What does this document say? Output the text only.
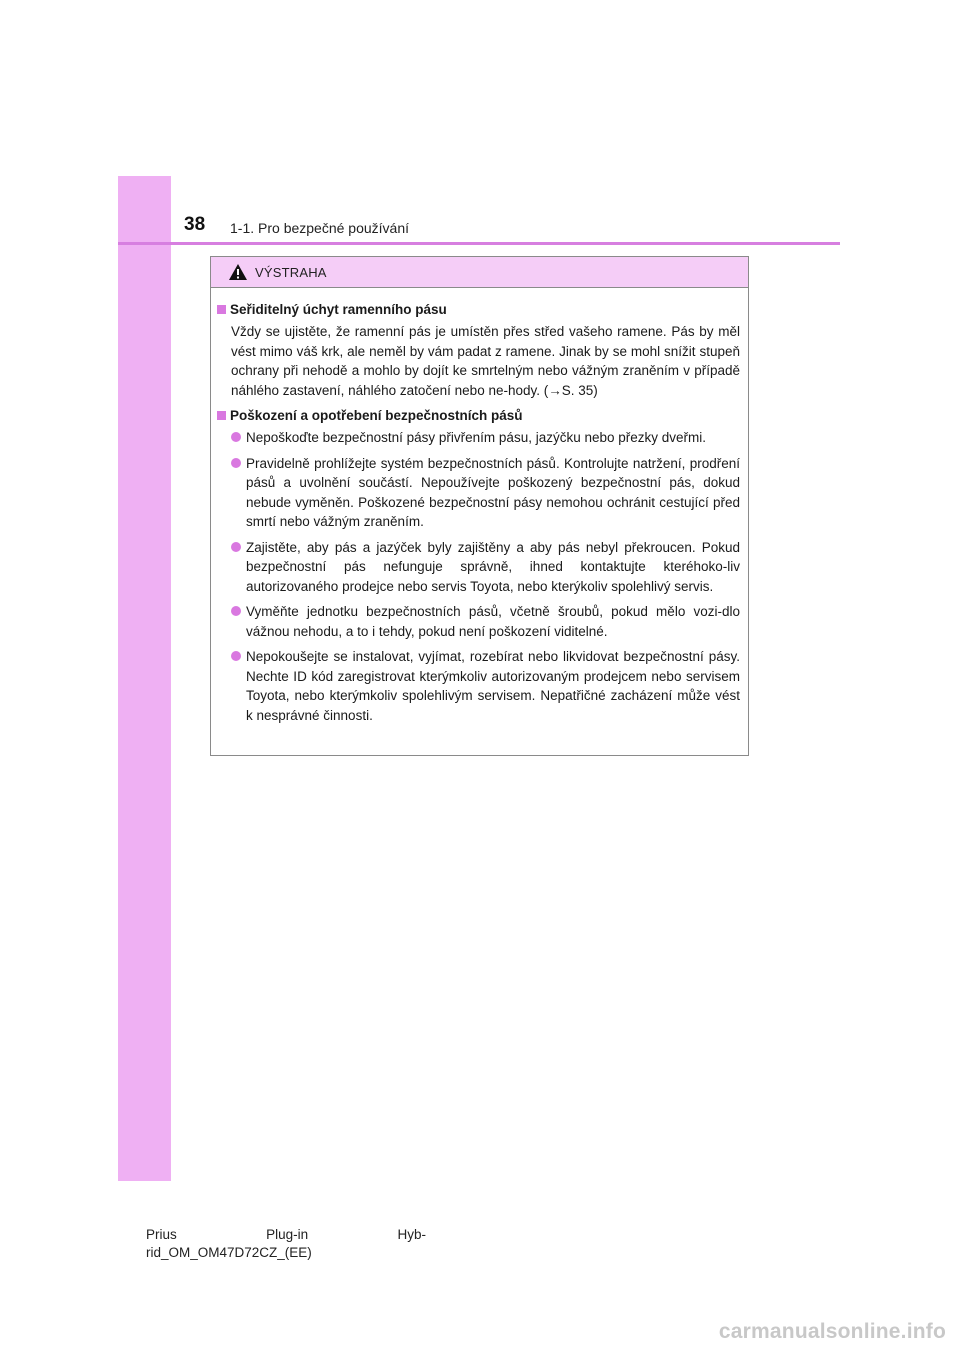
38 1-1. Pro bezpečné používání
VÝSTRAHA
Seřiditelný úchyt ramenního pásu
Vždy se ujistěte, že ramenní pás je umístěn přes střed vašeho ramene. Pás by měl vést mimo váš krk, ale neměl by vám padat z ramene. Jinak by se mohl snížit stupeň ochrany při nehodě a mohlo by dojít ke smrtelným nebo vážným zraněním v případě náhlého zastavení, náhlého zatočení nebo ne-hody. (→S. 35)
Poškození a opotřebení bezpečnostních pásů
Nepoškoďte bezpečnostní pásy přivřením pásu, jazýčku nebo přezky dveřmi.
Pravidelně prohlížejte systém bezpečnostních pásů. Kontrolujte natržení, prodření pásů a uvolnění součástí. Nepoužívejte poškozený bezpečnostní pás, dokud nebude vyměněn. Poškozené bezpečnostní pásy nemohou ochránit cestující před smrtí nebo vážným zraněním.
Zajistěte, aby pás a jazýček byly zajištěny a aby pás nebyl překroucen. Pokud bezpečnostní pás nefunguje správně, ihned kontaktujte kteréhoko-liv autorizovaného prodejce nebo servis Toyota, nebo kterýkoliv spolehlivý servis.
Vyměňte jednotku bezpečnostních pásů, včetně šroubů, pokud mělo vozi-dlo vážnou nehodu, a to i tehdy, pokud není poškození viditelné.
Nepokoušejte se instalovat, vyjímat, rozebírat nebo likvidovat bezpečnostní pásy. Nechte ID kód zaregistrovat kterýmkoliv autorizovaným prodejcem nebo servisem Toyota, nebo kterýmkoliv spolehlivým servisem. Nepatřičné zacházení může vést k nesprávné činnosti.
Prius	Plug-in	Hyb-
rid_OM_OM47D72CZ_(EE)
carmanualsonline.info
